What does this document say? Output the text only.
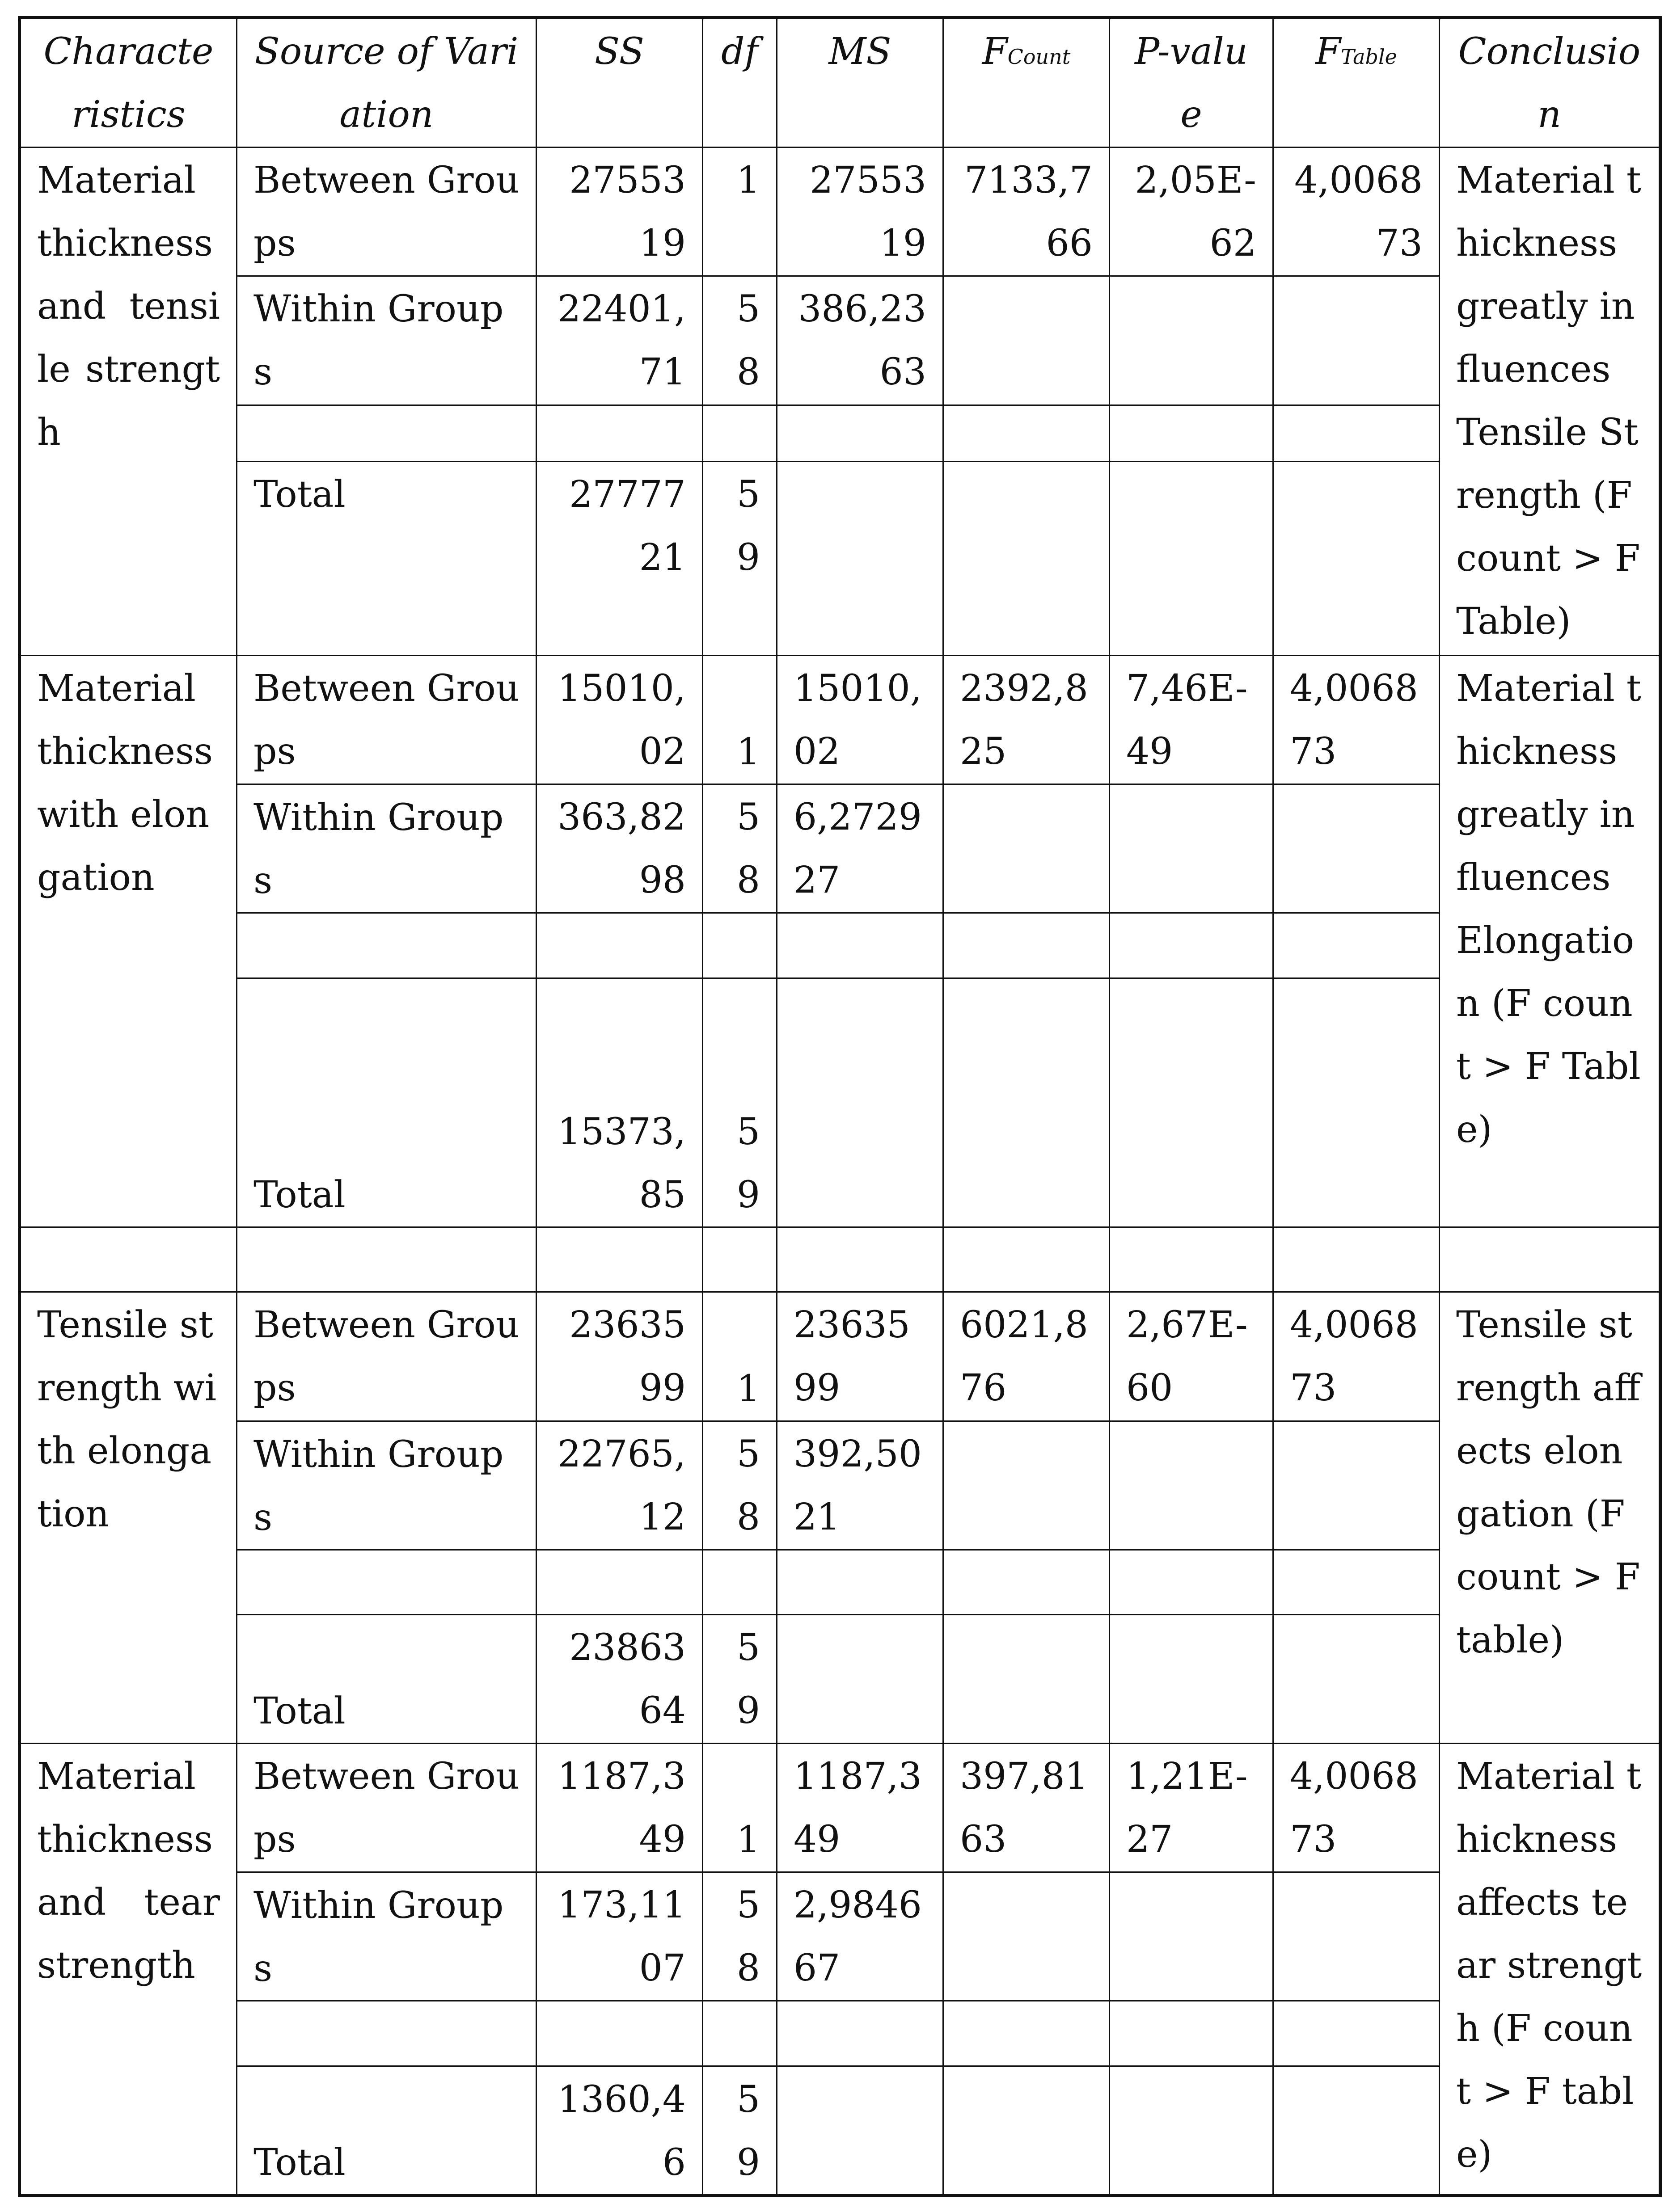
Characteristics	Source of Variation	SS	df	MS	FCount	P-value	FTable	Conclusion
Material thickness and tensile strength	Between Groups	2755319	1	2755319	7133,766	2,05E-62	4,006873	Material thickness greatly influences Tensile Strength (F count > F Table)
	Within Groups	22401,71	58	386,2363				

	Total	2777721	59					
Material thickness with elongation	Between Groups	15010,02	1	15010,02	2392,825	7,46E-49	4,006873	Material thickness greatly influences Elongation (F count > F Table)
	Within Groups	363,8298	58	6,272927				

	Total	15373,85	59					

Tensile strength with elongation	Between Groups	2363599	1	2363599	6021,876	2,67E-60	4,006873	Tensile strength affects elongation (F count > F table)
	Within Groups	22765,12	58	392,5021				

	Total	2386364	59					
Material thickness and tear strength	Between Groups	1187,349	1	1187,349	397,8163	1,21E-27	4,006873	Material thickness affects tear strength (F count > F table)
	Within Groups	173,1107	58	2,984667				

	Total	1360,46	59					
